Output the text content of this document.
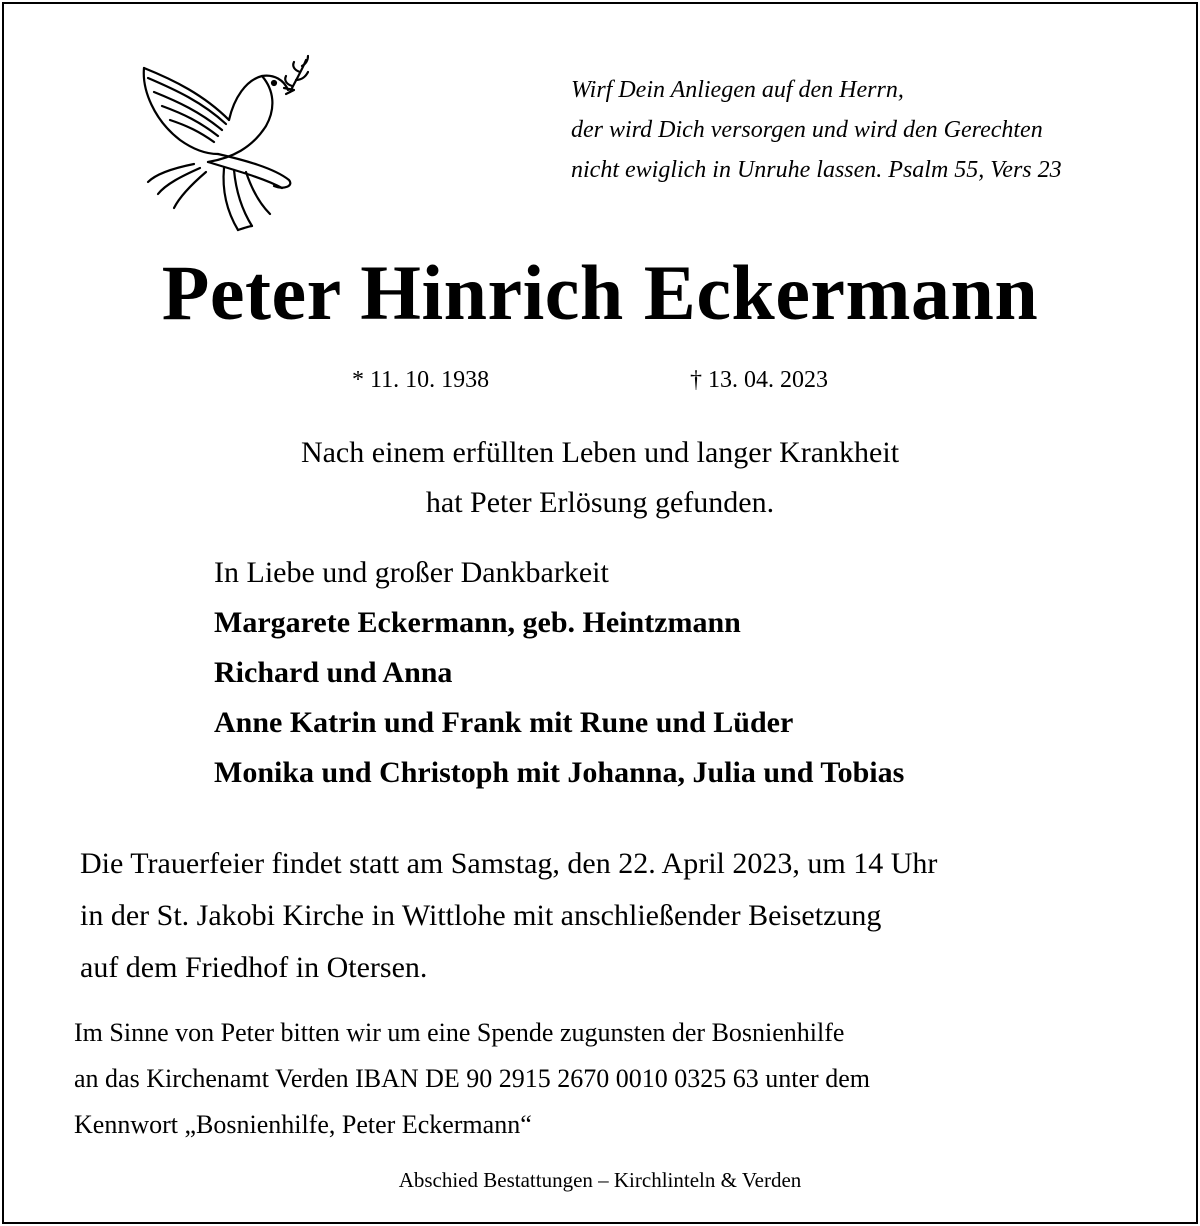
Wirf Dein Anliegen auf den Herrn,
der wird Dich versorgen und wird den Gerechten
nicht ewiglich in Unruhe lassen. Psalm 55, Vers 23
Peter Hinrich Eckermann
* 11. 10. 1938	† 13. 04. 2023
Nach einem erfüllten Leben und langer Krankheit
hat Peter Erlösung gefunden.
In Liebe und großer Dankbarkeit
Margarete Eckermann, geb. Heintzmann
Richard und Anna
Anne Katrin und Frank mit Rune und Lüder
Monika und Christoph mit Johanna, Julia und Tobias
Die Trauerfeier findet statt am Samstag, den 22. April 2023, um 14 Uhr
in der St. Jakobi Kirche in Wittlohe mit anschließender Beisetzung
auf dem Friedhof in Otersen.
Im Sinne von Peter bitten wir um eine Spende zugunsten der Bosnienhilfe
an das Kirchenamt Verden IBAN DE 90 2915 2670 0010 0325 63 unter dem
Kennwort „Bosnienhilfe, Peter Eckermann“
Abschied Bestattungen – Kirchlinteln & Verden
